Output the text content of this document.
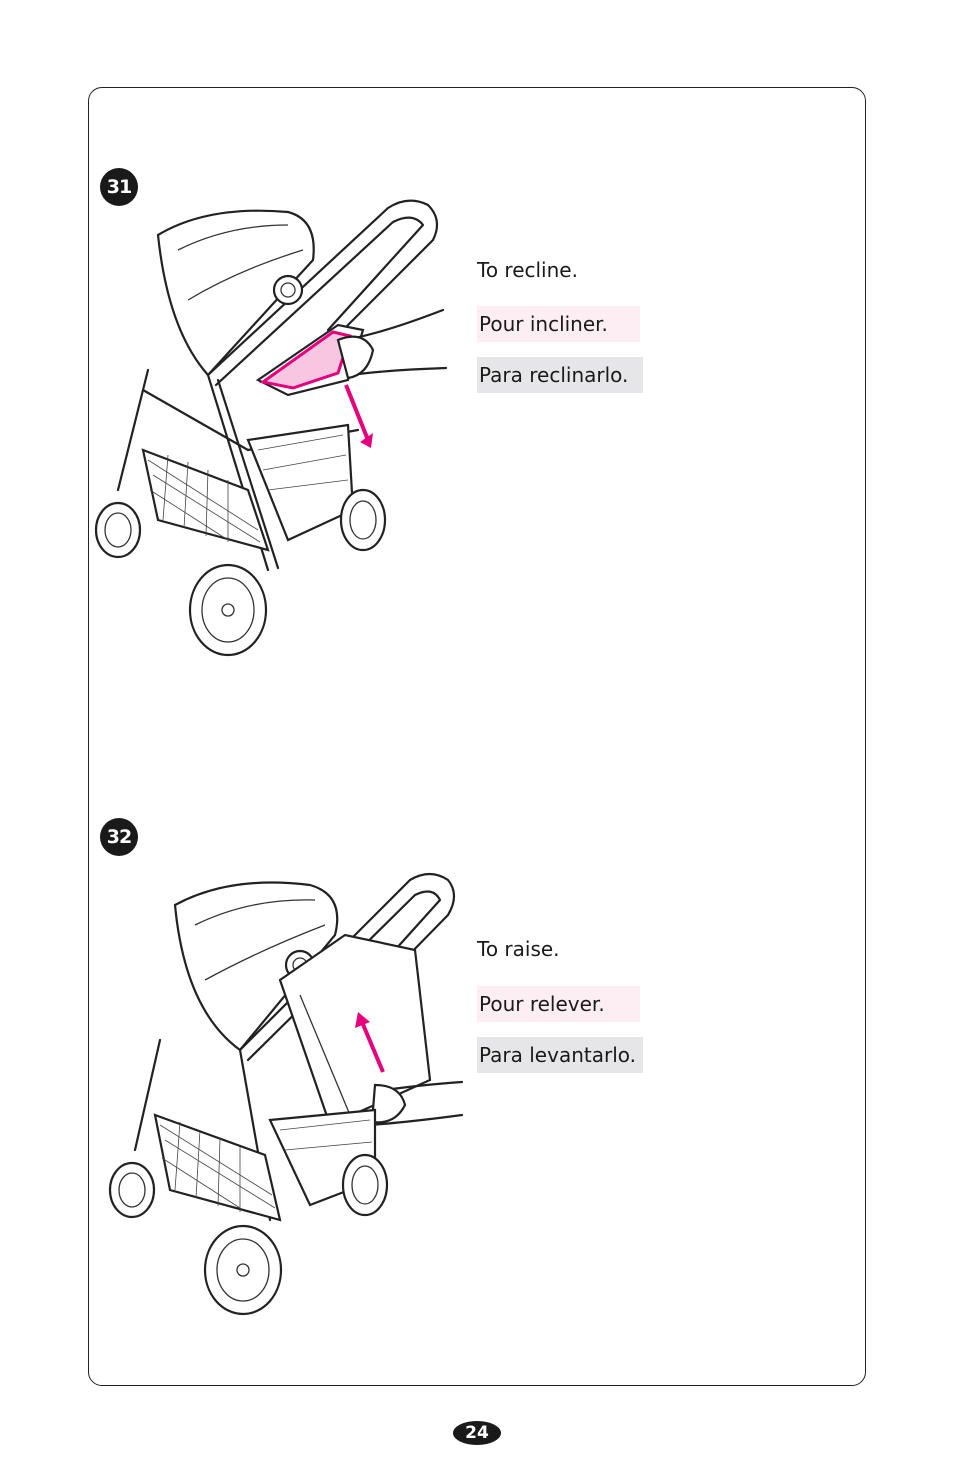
31
To recline.
Pour incliner.
Para reclinarlo.
32
To raise.
Pour relever.
Para levantarlo.
24
